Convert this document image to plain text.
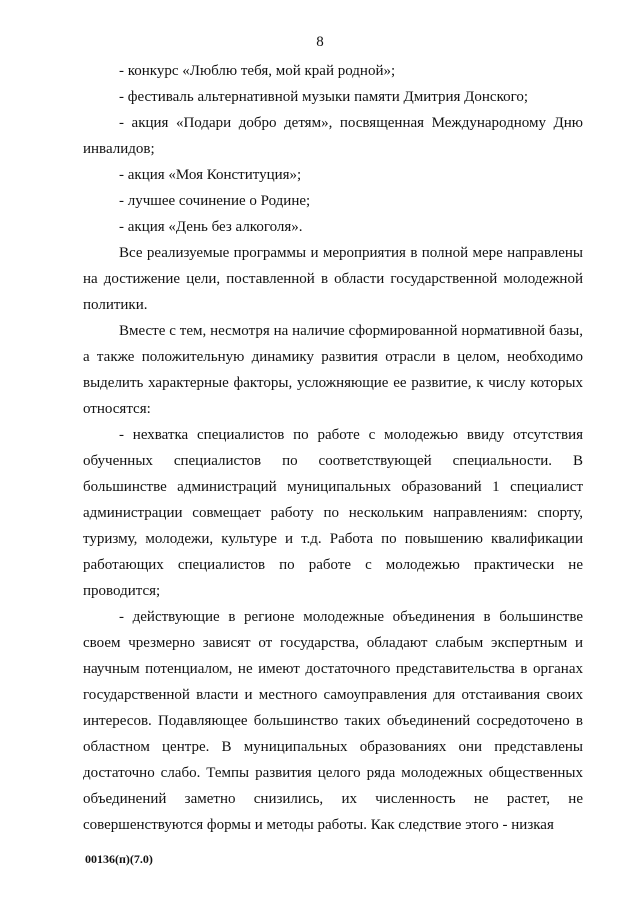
8

- конкурс «Люблю тебя, мой край родной»;

- фестиваль альтернативной музыки памяти Дмитрия Донского;

- акция «Подари добро детям», посвященная Международному Дню инвалидов;

- акция «Моя Конституция»;

- лучшее сочинение о Родине;

- акция «День без алкоголя».

Все реализуемые программы и мероприятия в полной мере направлены на достижение цели, поставленной в области государственной молодежной политики.

Вместе с тем, несмотря на наличие сформированной нормативной базы, а также положительную динамику развития отрасли в целом, необходимо выделить характерные факторы, усложняющие ее развитие, к числу которых относятся:

- нехватка специалистов по работе с молодежью ввиду отсутствия обученных специалистов по соответствующей специальности. В большинстве администраций муниципальных образований 1 специалист администрации совмещает работу по нескольким направлениям: спорту, туризму, молодежи, культуре и т.д. Работа по повышению квалификации работающих специалистов по работе с молодежью практически не проводится;

- действующие в регионе молодежные объединения в большинстве своем чрезмерно зависят от государства, обладают слабым экспертным и научным потенциалом, не имеют достаточного представительства в органах государственной власти и местного самоуправления для отстаивания своих интересов. Подавляющее большинство таких объединений сосредоточено в областном центре. В муниципальных образованиях они представлены достаточно слабо. Темпы развития целого ряда молодежных общественных объединений заметно снизились, их численность не растет, не совершенствуются формы и методы работы. Как следствие этого - низкая

00136(п)(7.0)
